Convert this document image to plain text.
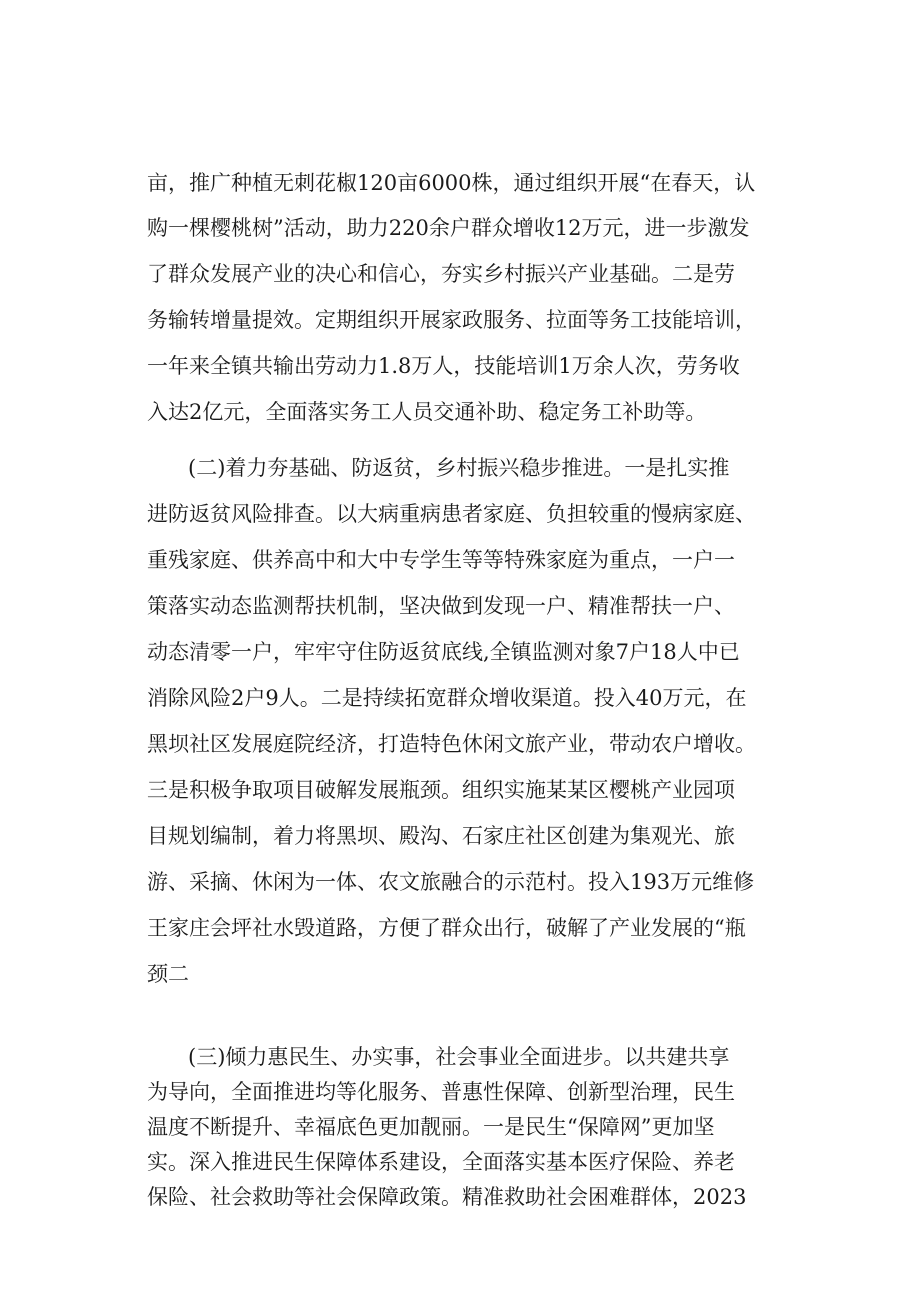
亩，推广种植无刺花椒120亩6000株，通过组织开展“在春天，认
购一棵樱桃树”活动，助力220余户群众增收12万元，进一步激发
了群众发展产业的决心和信心，夯实乡村振兴产业基础。二是劳
务输转增量提效。定期组织开展家政服务、拉面等务工技能培训，
一年来全镇共输出劳动力1.8万人，技能培训1万余人次，劳务收
入达2亿元，全面落实务工人员交通补助、稳定务工补助等。
(二)着力夯基础、防返贫，乡村振兴稳步推进。一是扎实推
进防返贫风险排查。以大病重病患者家庭、负担较重的慢病家庭、
重残家庭、供养高中和大中专学生等等特殊家庭为重点，一户一
策落实动态监测帮扶机制，坚决做到发现一户、精准帮扶一户、
动态清零一户，牢牢守住防返贫底线,全镇监测对象7户18人中已
消除风险2户9人。二是持续拓宽群众增收渠道。投入40万元，在
黑坝社区发展庭院经济，打造特色休闲文旅产业，带动农户增收。
三是积极争取项目破解发展瓶颈。组织实施某某区樱桃产业园项
目规划编制，着力将黑坝、殿沟、石家庄社区创建为集观光、旅
游、采摘、休闲为一体、农文旅融合的示范村。投入193万元维修
王家庄会坪社水毁道路，方便了群众出行，破解了产业发展的“瓶
颈二
(三)倾力惠民生、办实事，社会事业全面进步。以共建共享
为导向，全面推进均等化服务、普惠性保障、创新型治理，民生
温度不断提升、幸福底色更加靓丽。一是民生“保障网”更加坚
实。深入推进民生保障体系建设，全面落实基本医疗保险、养老
保险、社会救助等社会保障政策。精准救助社会困难群体，2023
